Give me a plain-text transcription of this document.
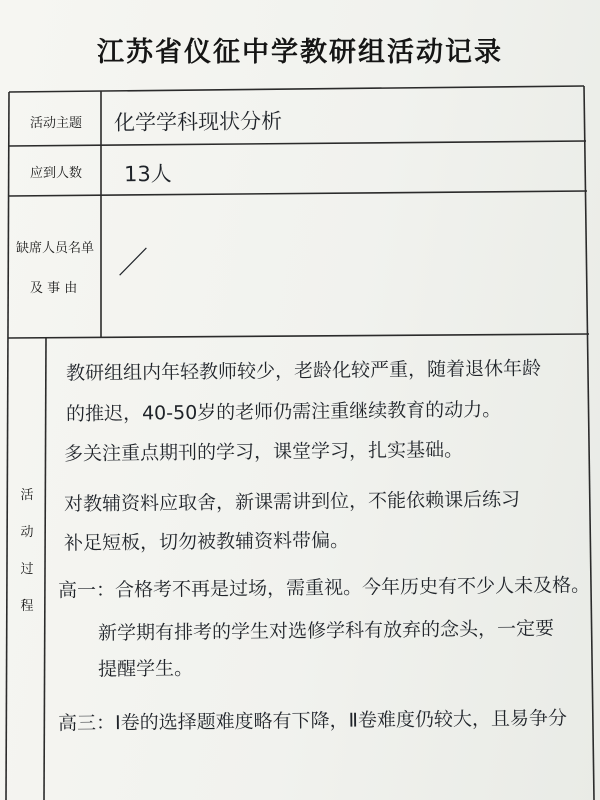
江苏省仪征中学教研组活动记录
活动主题 化学学科现状分析
应到人数 13人
缺席人员名单
及 事 由
／
活
动
过
程
教研组组内年轻教师较少，老龄化较严重，随着退休年龄
的推迟，40-50岁的老师仍需注重继续教育的动力。
多关注重点期刊的学习，课堂学习，扎实基础。
对教辅资料应取舍，新课需讲到位，不能依赖课后练习
补足短板，切勿被教辅资料带偏。
高一：合格考不再是过场，需重视。今年历史有不少人未及格。
新学期有排考的学生对选修学科有放弃的念头，一定要
提醒学生。
高三：Ⅰ卷的选择题难度略有下降，Ⅱ卷难度仍较大，且易争分
